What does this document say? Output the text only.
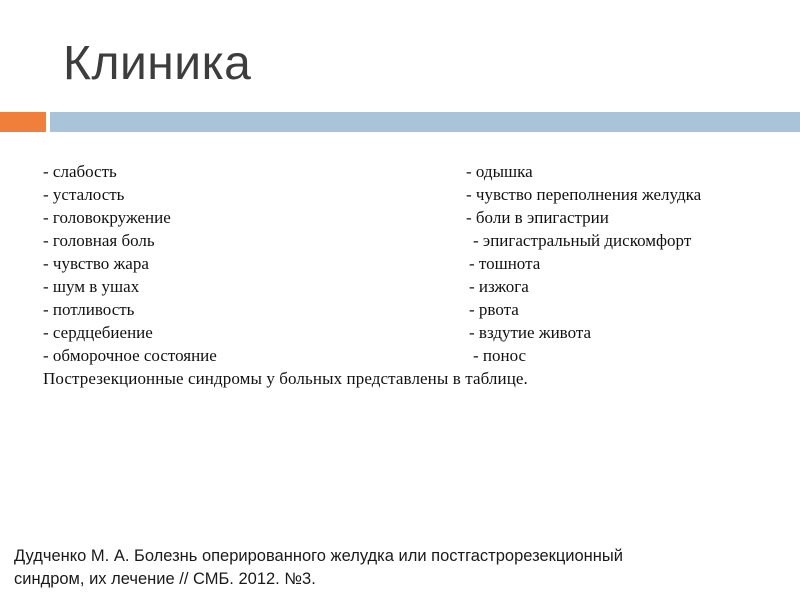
Клиника
- слабость	- одышка
- усталость	- чувство переполнения желудка
- головокружение	- боли в эпигастрии
- головная боль	- эпигастральный дискомфорт
- чувство жара	- тошнота
- шум в ушах	- изжога
- потливость	- рвота
- сердцебиение	- вздутие живота
- обморочное состояние	- понос
Пострезекционные синдромы у больных представлены в таблице.
Дудченко М. А. Болезнь оперированного желудка или постгастрорезекционный
синдром, их лечение // СМБ. 2012. №3.
